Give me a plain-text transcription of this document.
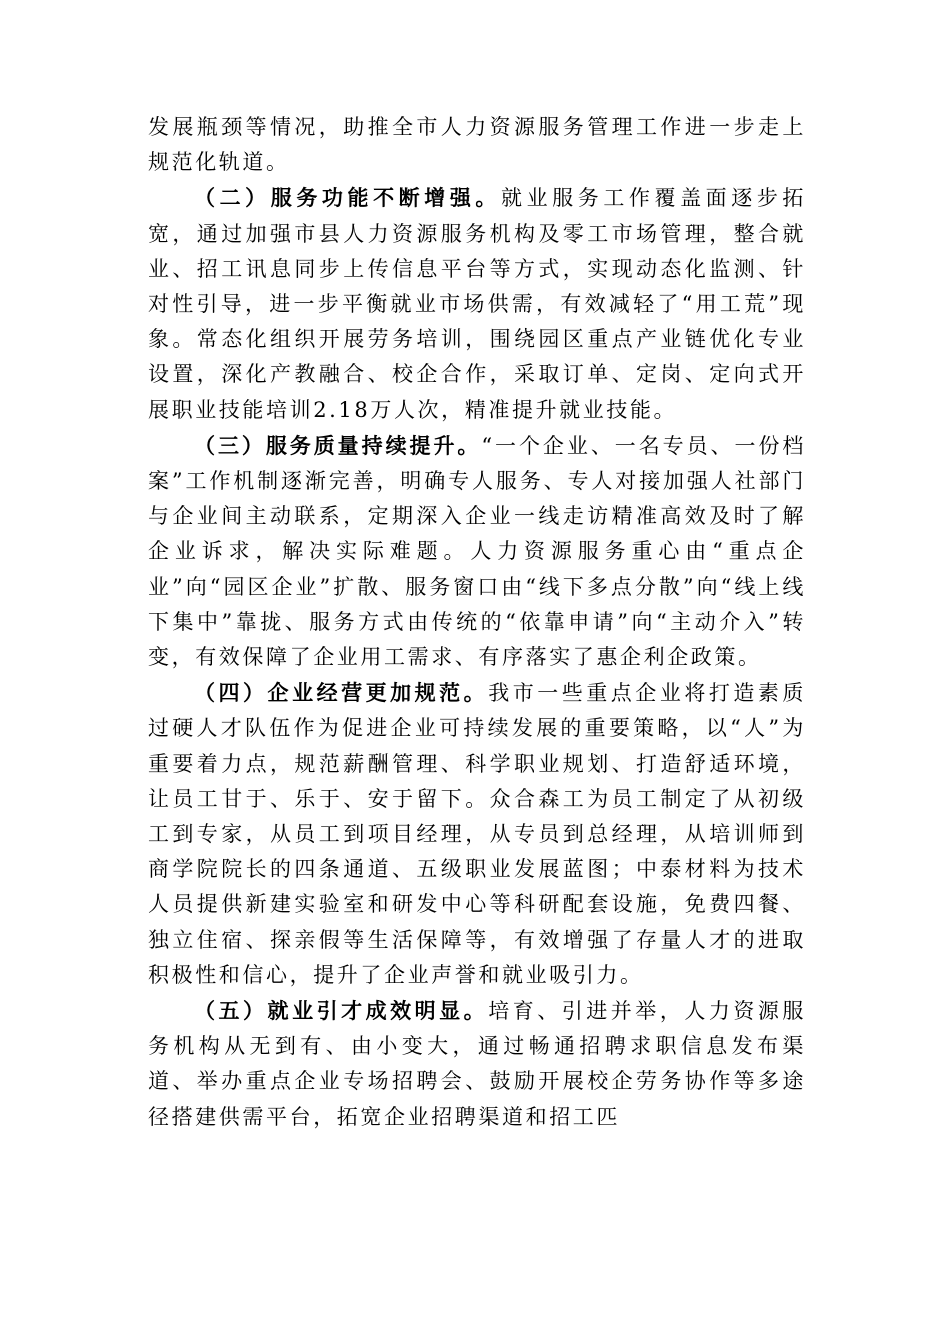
发展瓶颈等情况，助推全市人力资源服务管理工作进一步走上规范化轨道。

（二）服务功能不断增强。就业服务工作覆盖面逐步拓宽，通过加强市县人力资源服务机构及零工市场管理，整合就业、招工讯息同步上传信息平台等方式，实现动态化监测、针对性引导，进一步平衡就业市场供需，有效减轻了“用工荒”现象。常态化组织开展劳务培训，围绕园区重点产业链优化专业设置，深化产教融合、校企合作，采取订单、定岗、定向式开展职业技能培训2.18万人次，精准提升就业技能。

（三）服务质量持续提升。“一个企业、一名专员、一份档案”工作机制逐渐完善，明确专人服务、专人对接加强人社部门与企业间主动联系，定期深入企业一线走访精准高效及时了解企业诉求，解决实际难题。人力资源服务重心由“重点企业”向“园区企业”扩散、服务窗口由“线下多点分散”向“线上线下集中”靠拢、服务方式由传统的“依靠申请”向“主动介入”转变，有效保障了企业用工需求、有序落实了惠企利企政策。

（四）企业经营更加规范。我市一些重点企业将打造素质过硬人才队伍作为促进企业可持续发展的重要策略，以“人”为重要着力点，规范薪酬管理、科学职业规划、打造舒适环境，让员工甘于、乐于、安于留下。众合森工为员工制定了从初级工到专家，从员工到项目经理，从专员到总经理，从培训师到商学院院长的四条通道、五级职业发展蓝图；中泰材料为技术人员提供新建实验室和研发中心等科研配套设施，免费四餐、独立住宿、探亲假等生活保障等，有效增强了存量人才的进取积极性和信心，提升了企业声誉和就业吸引力。

（五）就业引才成效明显。培育、引进并举，人力资源服务机构从无到有、由小变大，通过畅通招聘求职信息发布渠道、举办重点企业专场招聘会、鼓励开展校企劳务协作等多途径搭建供需平台，拓宽企业招聘渠道和招工匹
